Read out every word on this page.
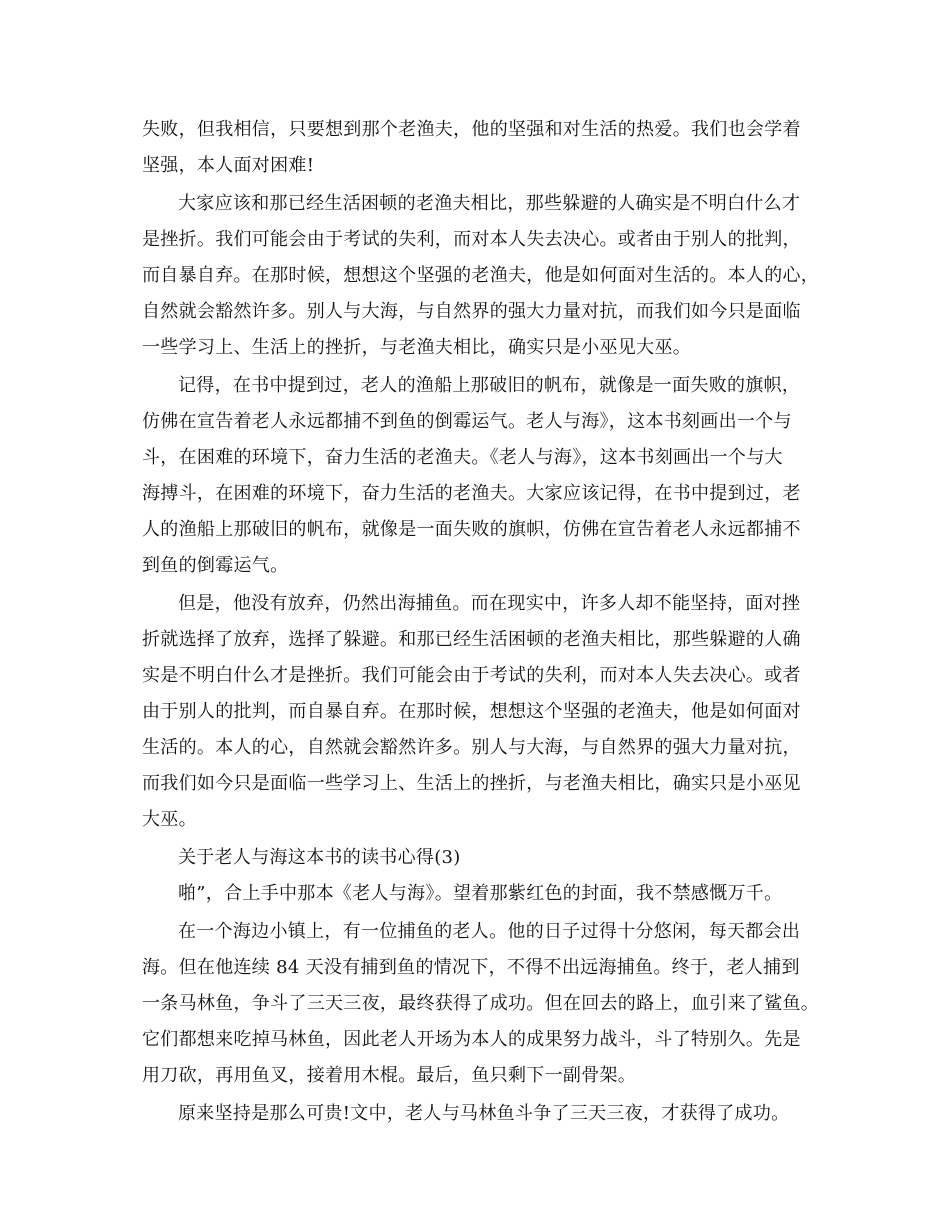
失败，但我相信，只要想到那个老渔夫，他的坚强和对生活的热爱。我们也会学着
坚强，本人面对困难!
大家应该和那已经生活困顿的老渔夫相比，那些躲避的人确实是不明白什么才
是挫折。我们可能会由于考试的失利，而对本人失去决心。或者由于别人的批判，
而自暴自弃。在那时候，想想这个坚强的老渔夫，他是如何面对生活的。本人的心，
自然就会豁然许多。别人与大海，与自然界的强大力量对抗，而我们如今只是面临
一些学习上、生活上的挫折，与老渔夫相比，确实只是小巫见大巫。
记得，在书中提到过，老人的渔船上那破旧的帆布，就像是一面失败的旗帜，
仿佛在宣告着老人永远都捕不到鱼的倒霉运气。老人与海》，这本书刻画出一个与
斗，在困难的环境下，奋力生活的老渔夫。《老人与海》，这本书刻画出一个与大
海搏斗，在困难的环境下，奋力生活的老渔夫。大家应该记得，在书中提到过，老
人的渔船上那破旧的帆布，就像是一面失败的旗帜，仿佛在宣告着老人永远都捕不
到鱼的倒霉运气。
但是，他没有放弃，仍然出海捕鱼。而在现实中，许多人却不能坚持，面对挫
折就选择了放弃，选择了躲避。和那已经生活困顿的老渔夫相比，那些躲避的人确
实是不明白什么才是挫折。我们可能会由于考试的失利，而对本人失去决心。或者
由于别人的批判，而自暴自弃。在那时候，想想这个坚强的老渔夫，他是如何面对
生活的。本人的心，自然就会豁然许多。别人与大海，与自然界的强大力量对抗，
而我们如今只是面临一些学习上、生活上的挫折，与老渔夫相比，确实只是小巫见
大巫。
关于老人与海这本书的读书心得(3)
啪”，合上手中那本《老人与海》。望着那紫红色的封面，我不禁感慨万千。
在一个海边小镇上，有一位捕鱼的老人。他的日子过得十分悠闲，每天都会出
海。但在他连续 84 天没有捕到鱼的情况下，不得不出远海捕鱼。终于，老人捕到
一条马林鱼，争斗了三天三夜，最终获得了成功。但在回去的路上，血引来了鲨鱼。
它们都想来吃掉马林鱼，因此老人开场为本人的成果努力战斗，斗了特别久。先是
用刀砍，再用鱼叉，接着用木棍。最后，鱼只剩下一副骨架。
原来坚持是那么可贵!文中，老人与马林鱼斗争了三天三夜，才获得了成功。
